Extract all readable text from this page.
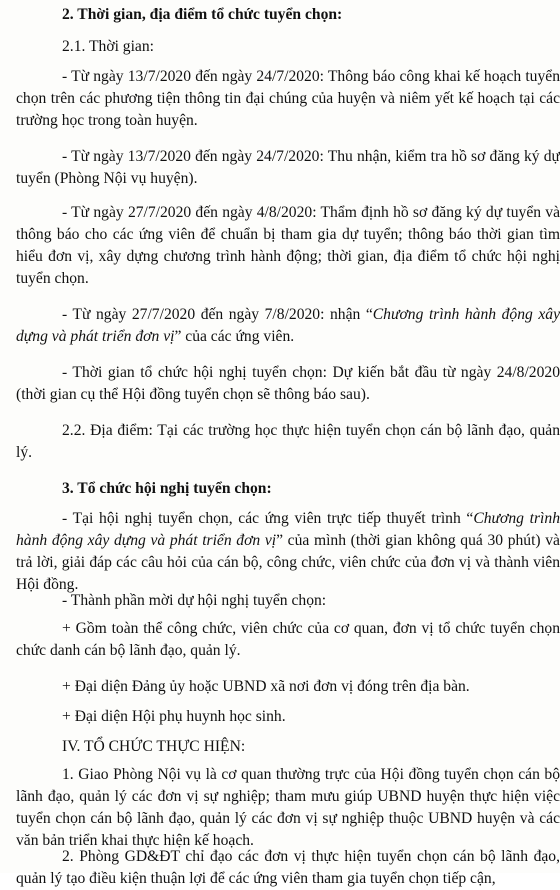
2. Thời gian, địa điểm tổ chức tuyển chọn:

2.1. Thời gian:

- Từ ngày 13/7/2020 đến ngày 24/7/2020: Thông báo công khai kế hoạch tuyển chọn trên các phương tiện thông tin đại chúng của huyện và niêm yết kế hoạch tại các trường học trong toàn huyện.

- Từ ngày 13/7/2020 đến ngày 24/7/2020: Thu nhận, kiểm tra hồ sơ đăng ký dự tuyển (Phòng Nội vụ huyện).

- Từ ngày 27/7/2020 đến ngày 4/8/2020: Thẩm định hồ sơ đăng ký dự tuyển và thông báo cho các ứng viên để chuẩn bị tham gia dự tuyển; thông báo thời gian tìm hiểu đơn vị, xây dựng chương trình hành động; thời gian, địa điểm tổ chức hội nghị tuyển chọn.

- Từ ngày 27/7/2020 đến ngày 7/8/2020: nhận “Chương trình hành động xây dựng và phát triển đơn vị” của các ứng viên.

- Thời gian tổ chức hội nghị tuyển chọn: Dự kiến bắt đầu từ ngày 24/8/2020 (thời gian cụ thể Hội đồng tuyển chọn sẽ thông báo sau).

2.2. Địa điểm: Tại các trường học thực hiện tuyển chọn cán bộ lãnh đạo, quản lý.

3. Tổ chức hội nghị tuyển chọn:

- Tại hội nghị tuyển chọn, các ứng viên trực tiếp thuyết trình “Chương trình hành động xây dựng và phát triển đơn vị” của mình (thời gian không quá 30 phút) và trả lời, giải đáp các câu hỏi của cán bộ, công chức, viên chức của đơn vị và thành viên Hội đồng.

- Thành phần mời dự hội nghị tuyển chọn:

+ Gồm toàn thể công chức, viên chức của cơ quan, đơn vị tổ chức tuyển chọn chức danh cán bộ lãnh đạo, quản lý.

+ Đại diện Đảng ủy hoặc UBND xã nơi đơn vị đóng trên địa bàn.

+ Đại diện Hội phụ huynh học sinh.

IV. TỔ CHỨC THỰC HIỆN:

1. Giao Phòng Nội vụ là cơ quan thường trực của Hội đồng tuyển chọn cán bộ lãnh đạo, quản lý các đơn vị sự nghiệp; tham mưu giúp UBND huyện thực hiện việc tuyển chọn cán bộ lãnh đạo, quản lý các đơn vị sự nghiệp thuộc UBND huyện và các văn bản triển khai thực hiện kế hoạch.

2. Phòng GD&ĐT chỉ đạo các đơn vị thực hiện tuyển chọn cán bộ lãnh đạo, quản lý tạo điều kiện thuận lợi để các ứng viên tham gia tuyển chọn tiếp cận,
